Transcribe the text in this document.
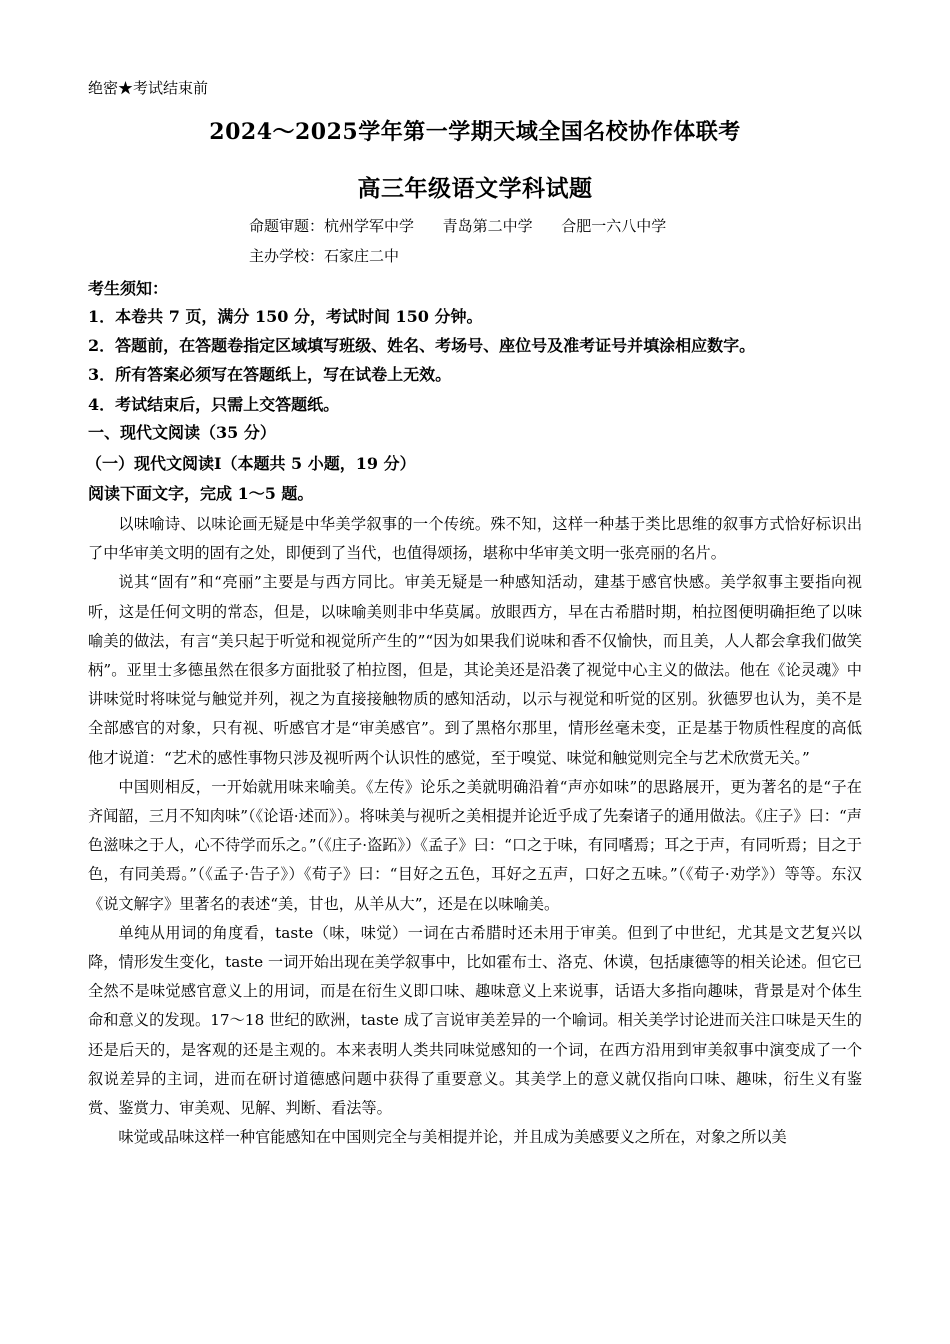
绝密★考试结束前
2024～2025学年第一学期天域全国名校协作体联考
高三年级语文学科试题
命题审题：杭州学军中学      青岛第二中学      合肥一六八中学
主办学校：石家庄二中
考生须知：
1．本卷共 7 页，满分 150 分，考试时间 150 分钟。
2．答题前，在答题卷指定区域填写班级、姓名、考场号、座位号及准考证号并填涂相应数字。
3．所有答案必须写在答题纸上，写在试卷上无效。
4．考试结束后，只需上交答题纸。
一、现代文阅读（35 分）
（一）现代文阅读Ⅰ（本题共 5 小题，19 分）
阅读下面文字，完成 1～5 题。

以味喻诗、以味论画无疑是中华美学叙事的一个传统。殊不知，这样一种基于类比思维的叙事方式恰好标识出了中华审美文明的固有之处，即便到了当代，也值得颂扬，堪称中华审美文明一张亮丽的名片。

说其“固有”和“亮丽”主要是与西方同比。审美无疑是一种感知活动，建基于感官快感。美学叙事主要指向视听，这是任何文明的常态，但是，以味喻美则非中华莫属。放眼西方，早在古希腊时期，柏拉图便明确拒绝了以味喻美的做法，有言“美只起于听觉和视觉所产生的”“因为如果我们说味和香不仅愉快，而且美，人人都会拿我们做笑柄”。亚里士多德虽然在很多方面批驳了柏拉图，但是，其论美还是沿袭了视觉中心主义的做法。他在《论灵魂》中讲味觉时将味觉与触觉并列，视之为直接接触物质的感知活动，以示与视觉和听觉的区别。狄德罗也认为，美不是全部感官的对象，只有视、听感官才是“审美感官”。到了黑格尔那里，情形丝毫未变，正是基于物质性程度的高低他才说道：“艺术的感性事物只涉及视听两个认识性的感觉，至于嗅觉、味觉和触觉则完全与艺术欣赏无关。”

中国则相反，一开始就用味来喻美。《左传》论乐之美就明确沿着“声亦如味”的思路展开，更为著名的是“子在齐闻韶，三月不知肉味”（《论语·述而》）。将味美与视听之美相提并论近乎成了先秦诸子的通用做法。《庄子》曰：“声色滋味之于人，心不待学而乐之。”（《庄子·盗跖》）《孟子》曰：“口之于味，有同嗜焉；耳之于声，有同听焉；目之于色，有同美焉。”（《孟子·告子》）《荀子》曰：“目好之五色，耳好之五声，口好之五味。”（《荀子·劝学》）等等。东汉《说文解字》里著名的表述“美，甘也，从羊从大”，还是在以味喻美。

单纯从用词的角度看，taste（味，味觉）一词在古希腊时还未用于审美。但到了中世纪，尤其是文艺复兴以降，情形发生变化，taste 一词开始出现在美学叙事中，比如霍布士、洛克、休谟，包括康德等的相关论述。但它已全然不是味觉感官意义上的用词，而是在衍生义即口味、趣味意义上来说事，话语大多指向趣味，背景是对个体生命和意义的发现。17～18 世纪的欧洲，taste 成了言说审美差异的一个喻词。相关美学讨论进而关注口味是天生的还是后天的，是客观的还是主观的。本来表明人类共同味觉感知的一个词，在西方沿用到审美叙事中演变成了一个叙说差异的主词，进而在研讨道德感问题中获得了重要意义。其美学上的意义就仅指向口味、趣味，衍生义有鉴赏、鉴赏力、审美观、见解、判断、看法等。

味觉或品味这样一种官能感知在中国则完全与美相提并论，并且成为美感要义之所在，对象之所以美
